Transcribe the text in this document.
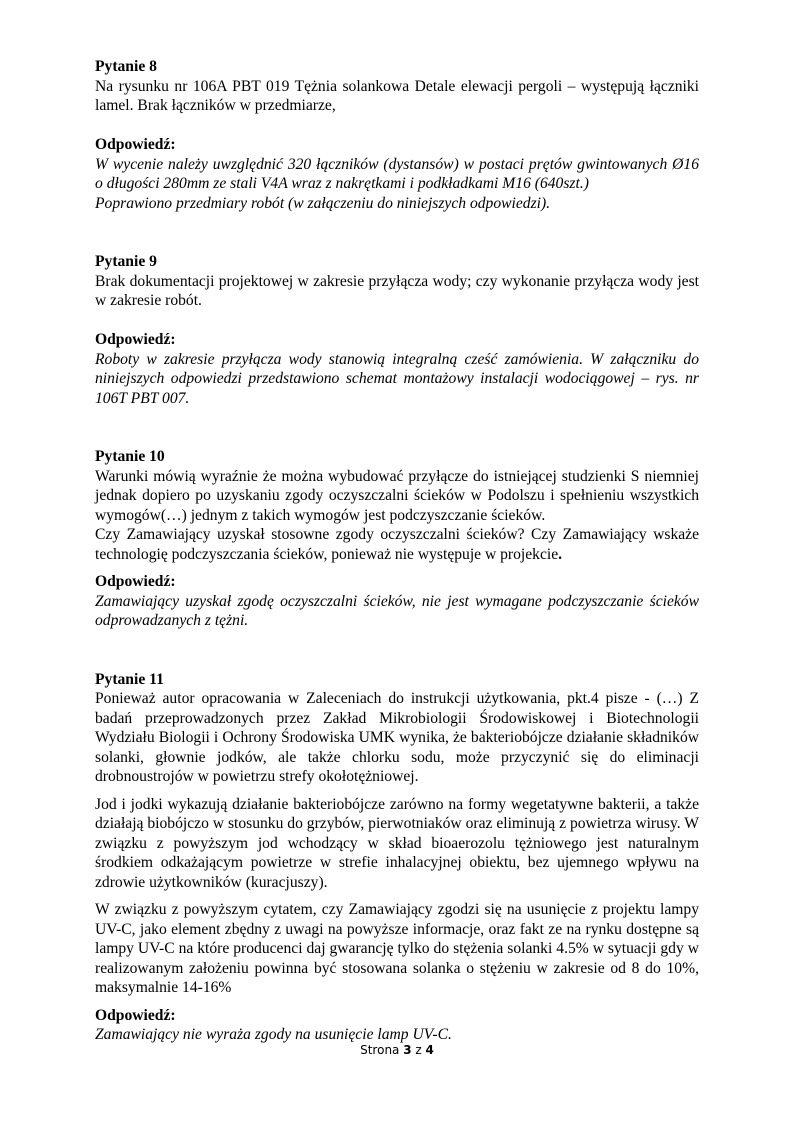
Pytanie 8
Na rysunku nr 106A PBT 019 Tężnia solankowa Detale elewacji pergoli – występują łączniki lamel. Brak łączników w przedmiarze,
Odpowiedź:
W wycenie należy uwzględnić 320 łączników (dystansów) w postaci prętów gwintowanych Ø16 o długości 280mm ze stali V4A wraz z nakrętkami i podkładkami M16 (640szt.)
Poprawiono przedmiary robót (w załączeniu do niniejszych odpowiedzi).
Pytanie 9
Brak dokumentacji projektowej w zakresie przyłącza wody; czy wykonanie przyłącza wody jest w zakresie robót.
Odpowiedź:
Roboty w zakresie przyłącza wody stanowią integralną cześć zamówienia. W załączniku do niniejszych odpowiedzi przedstawiono schemat montażowy instalacji wodociągowej – rys. nr 106T PBT 007.
Pytanie 10
Warunki mówią wyraźnie że można wybudować przyłącze do istniejącej studzienki S niemniej jednak dopiero po uzyskaniu zgody oczyszczalni ścieków w Podolszu i spełnieniu wszystkich wymogów(…) jednym z takich wymogów jest podczyszczanie ścieków.
Czy Zamawiający uzyskał stosowne zgody oczyszczalni ścieków? Czy Zamawiający wskaże technologię podczyszczania ścieków, ponieważ nie występuje w projekcie.
Odpowiedź:
Zamawiający uzyskał zgodę oczyszczalni ścieków, nie jest wymagane podczyszczanie ścieków odprowadzanych z tężni.
Pytanie 11
Ponieważ autor opracowania w Zaleceniach do instrukcji użytkowania, pkt.4 pisze - (…) Z badań przeprowadzonych przez Zakład Mikrobiologii Środowiskowej i Biotechnologii Wydziału Biologii i Ochrony Środowiska UMK wynika, że bakteriobójcze działanie składników solanki, głownie jodków, ale także chlorku sodu, może przyczynić się do eliminacji drobnoustrojów w powietrzu strefy okołotężniowej.
Jod i jodki wykazują działanie bakteriobójcze zarówno na formy wegetatywne bakterii, a także działają biobójczo w stosunku do grzybów, pierwotniaków oraz eliminują z powietrza wirusy. W związku z powyższym jod wchodzący w skład bioaerozolu tężniowego jest naturalnym środkiem odkażającym powietrze w strefie inhalacyjnej obiektu, bez ujemnego wpływu na zdrowie użytkowników (kuracjuszy).
W związku z powyższym cytatem, czy Zamawiający zgodzi się na usunięcie z projektu lampy UV-C, jako element zbędny z uwagi na powyższe informacje, oraz fakt ze na rynku dostępne są lampy UV-C na które producenci daj gwarancję tylko do stężenia solanki 4.5% w sytuacji gdy w realizowanym założeniu powinna być stosowana solanka o stężeniu w zakresie od 8 do 10%, maksymalnie 14-16%
Odpowiedź:
Zamawiający nie wyraża zgody na usunięcie lamp UV-C.
Strona 3 z 4
